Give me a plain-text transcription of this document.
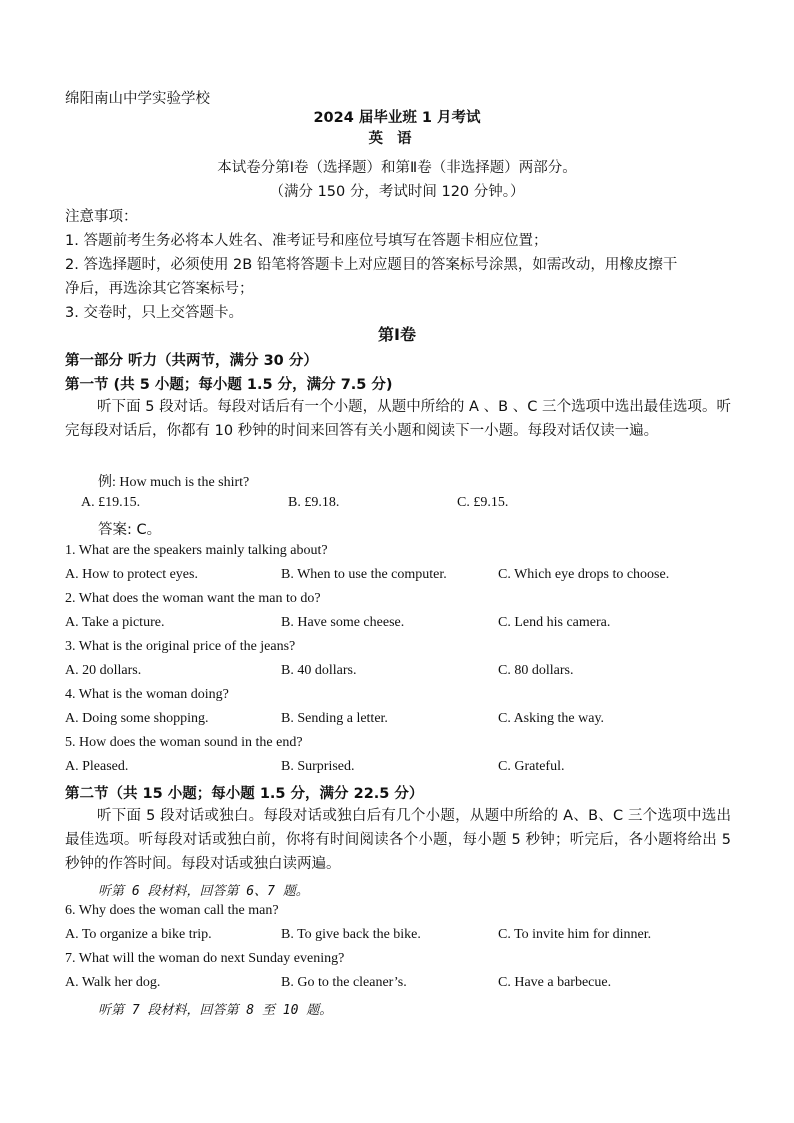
绵阳南山中学实验学校
2024 届毕业班 1 月考试
英语
本试卷分第Ⅰ卷（选择题）和第Ⅱ卷（非选择题）两部分。
（满分 150 分，考试时间 120 分钟。）
注意事项：
1. 答题前考生务必将本人姓名、准考证号和座位号填写在答题卡相应位置；
2. 答选择题时，必须使用 2B 铅笔将答题卡上对应题目的答案标号涂黑，如需改动，用橡皮擦干
净后，再选涂其它答案标号；
3. 交卷时，只上交答题卡。
第Ⅰ卷
第一部分 听力（共两节，满分 30 分）
第一节 (共 5 小题；每小题 1.5 分，满分 7.5 分)
听下面 5 段对话。每段对话后有一个小题，从题中所给的 A 、B 、C 三个选项中选出最佳选项。听完每段对话后，你都有 10 秒钟的时间来回答有关小题和阅读下一小题。每段对话仅读一遍。
例: How much is the shirt?
A. £19.15.	B. £9.18.	C. £9.15.
答案: C。
1. What are the speakers mainly talking about?
A. How to protect eyes.	B. When to use the computer.	C. Which eye drops to choose.
2. What does the woman want the man to do?
A. Take a picture.	B. Have some cheese.	C. Lend his camera.
3. What is the original price of the jeans?
A. 20 dollars.	B. 40 dollars.	C. 80 dollars.
4. What is the woman doing?
A. Doing some shopping.	B. Sending a letter.	C. Asking the way.
5. How does the woman sound in the end?
A. Pleased.	B. Surprised.	C. Grateful.
第二节（共 15 小题；每小题 1.5 分，满分 22.5 分）
听下面 5 段对话或独白。每段对话或独白后有几个小题，从题中所给的 A、B、C 三个选项中选出最佳选项。听每段对话或独白前，你将有时间阅读各个小题，每小题 5 秒钟；听完后，各小题将给出 5 秒钟的作答时间。每段对话或独白读两遍。
听第 6 段材料，回答第 6、7 题。
6. Why does the woman call the man?
A. To organize a bike trip.	B. To give back the bike.	C. To invite him for dinner.
7. What will the woman do next Sunday evening?
A. Walk her dog.	B. Go to the cleaner’s.	C. Have a barbecue.
听第 7 段材料，回答第 8 至 10 题。
